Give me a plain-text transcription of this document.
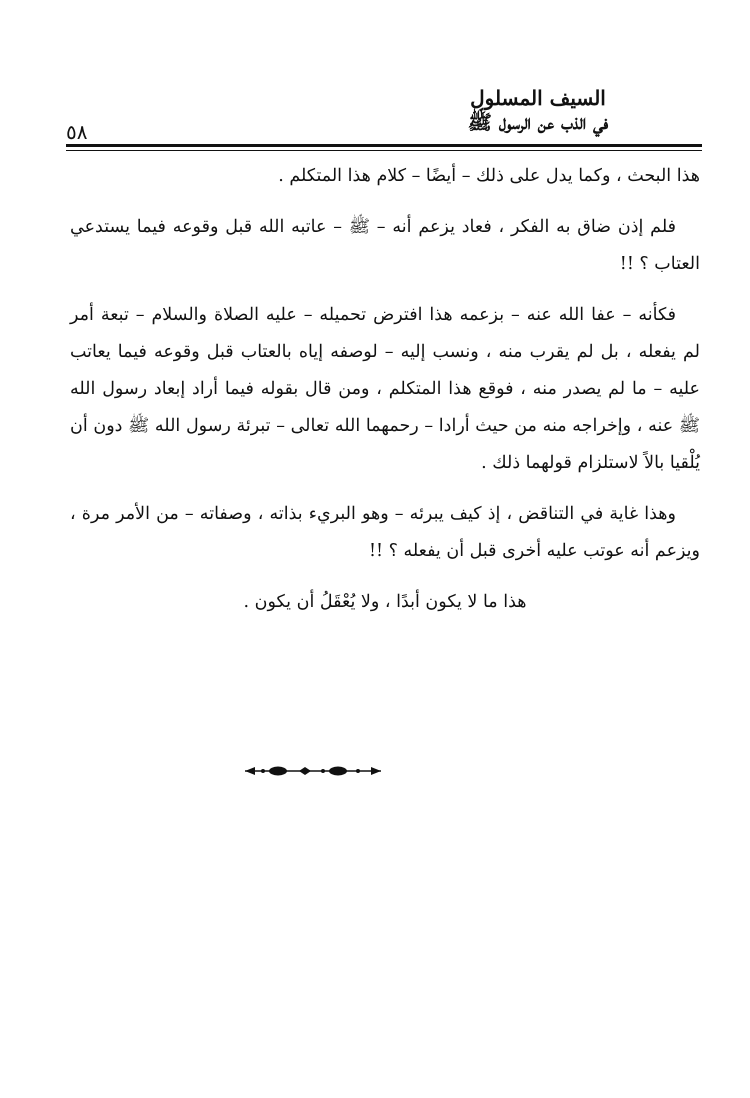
٥٨
السيف المسلول
في الذب عن الرسول ﷺ

هذا البحث ، وكما يدل على ذلك – أيضًا – كلام هذا المتكلم .

فلم إذن ضاق به الفكر ، فعاد يزعم أنه – ﷺ – عاتبه الله قبل وقوعه فيما يستدعي العتاب ؟ !!

فكأنه – عفا الله عنه – بزعمه هذا افترض تحميله – عليه الصلاة والسلام – تبعة أمر لم يفعله ، بل لم يقرب منه ، ونسب إليه – لوصفه إياه بالعتاب قبل وقوعه فيما يعاتب عليه – ما لم يصدر منه ، فوقع هذا المتكلم ، ومن قال بقوله فيما أراد إبعاد رسول الله ﷺ عنه ، وإخراجه منه من حيث أرادا – رحمهما الله تعالى – تبرئة رسول الله ﷺ دون أن يُلْقيا بالاً لاستلزام قولهما ذلك .

وهذا غاية في التناقض ، إذ كيف يبرئه – وهو البريء بذاته ، وصفاته – من الأمر مرة ، ويزعم أنه عوتب عليه أخرى قبل أن يفعله ؟ !!

هذا ما لا يكون أبدًا ، ولا يُعْقَلُ أن يكون .
